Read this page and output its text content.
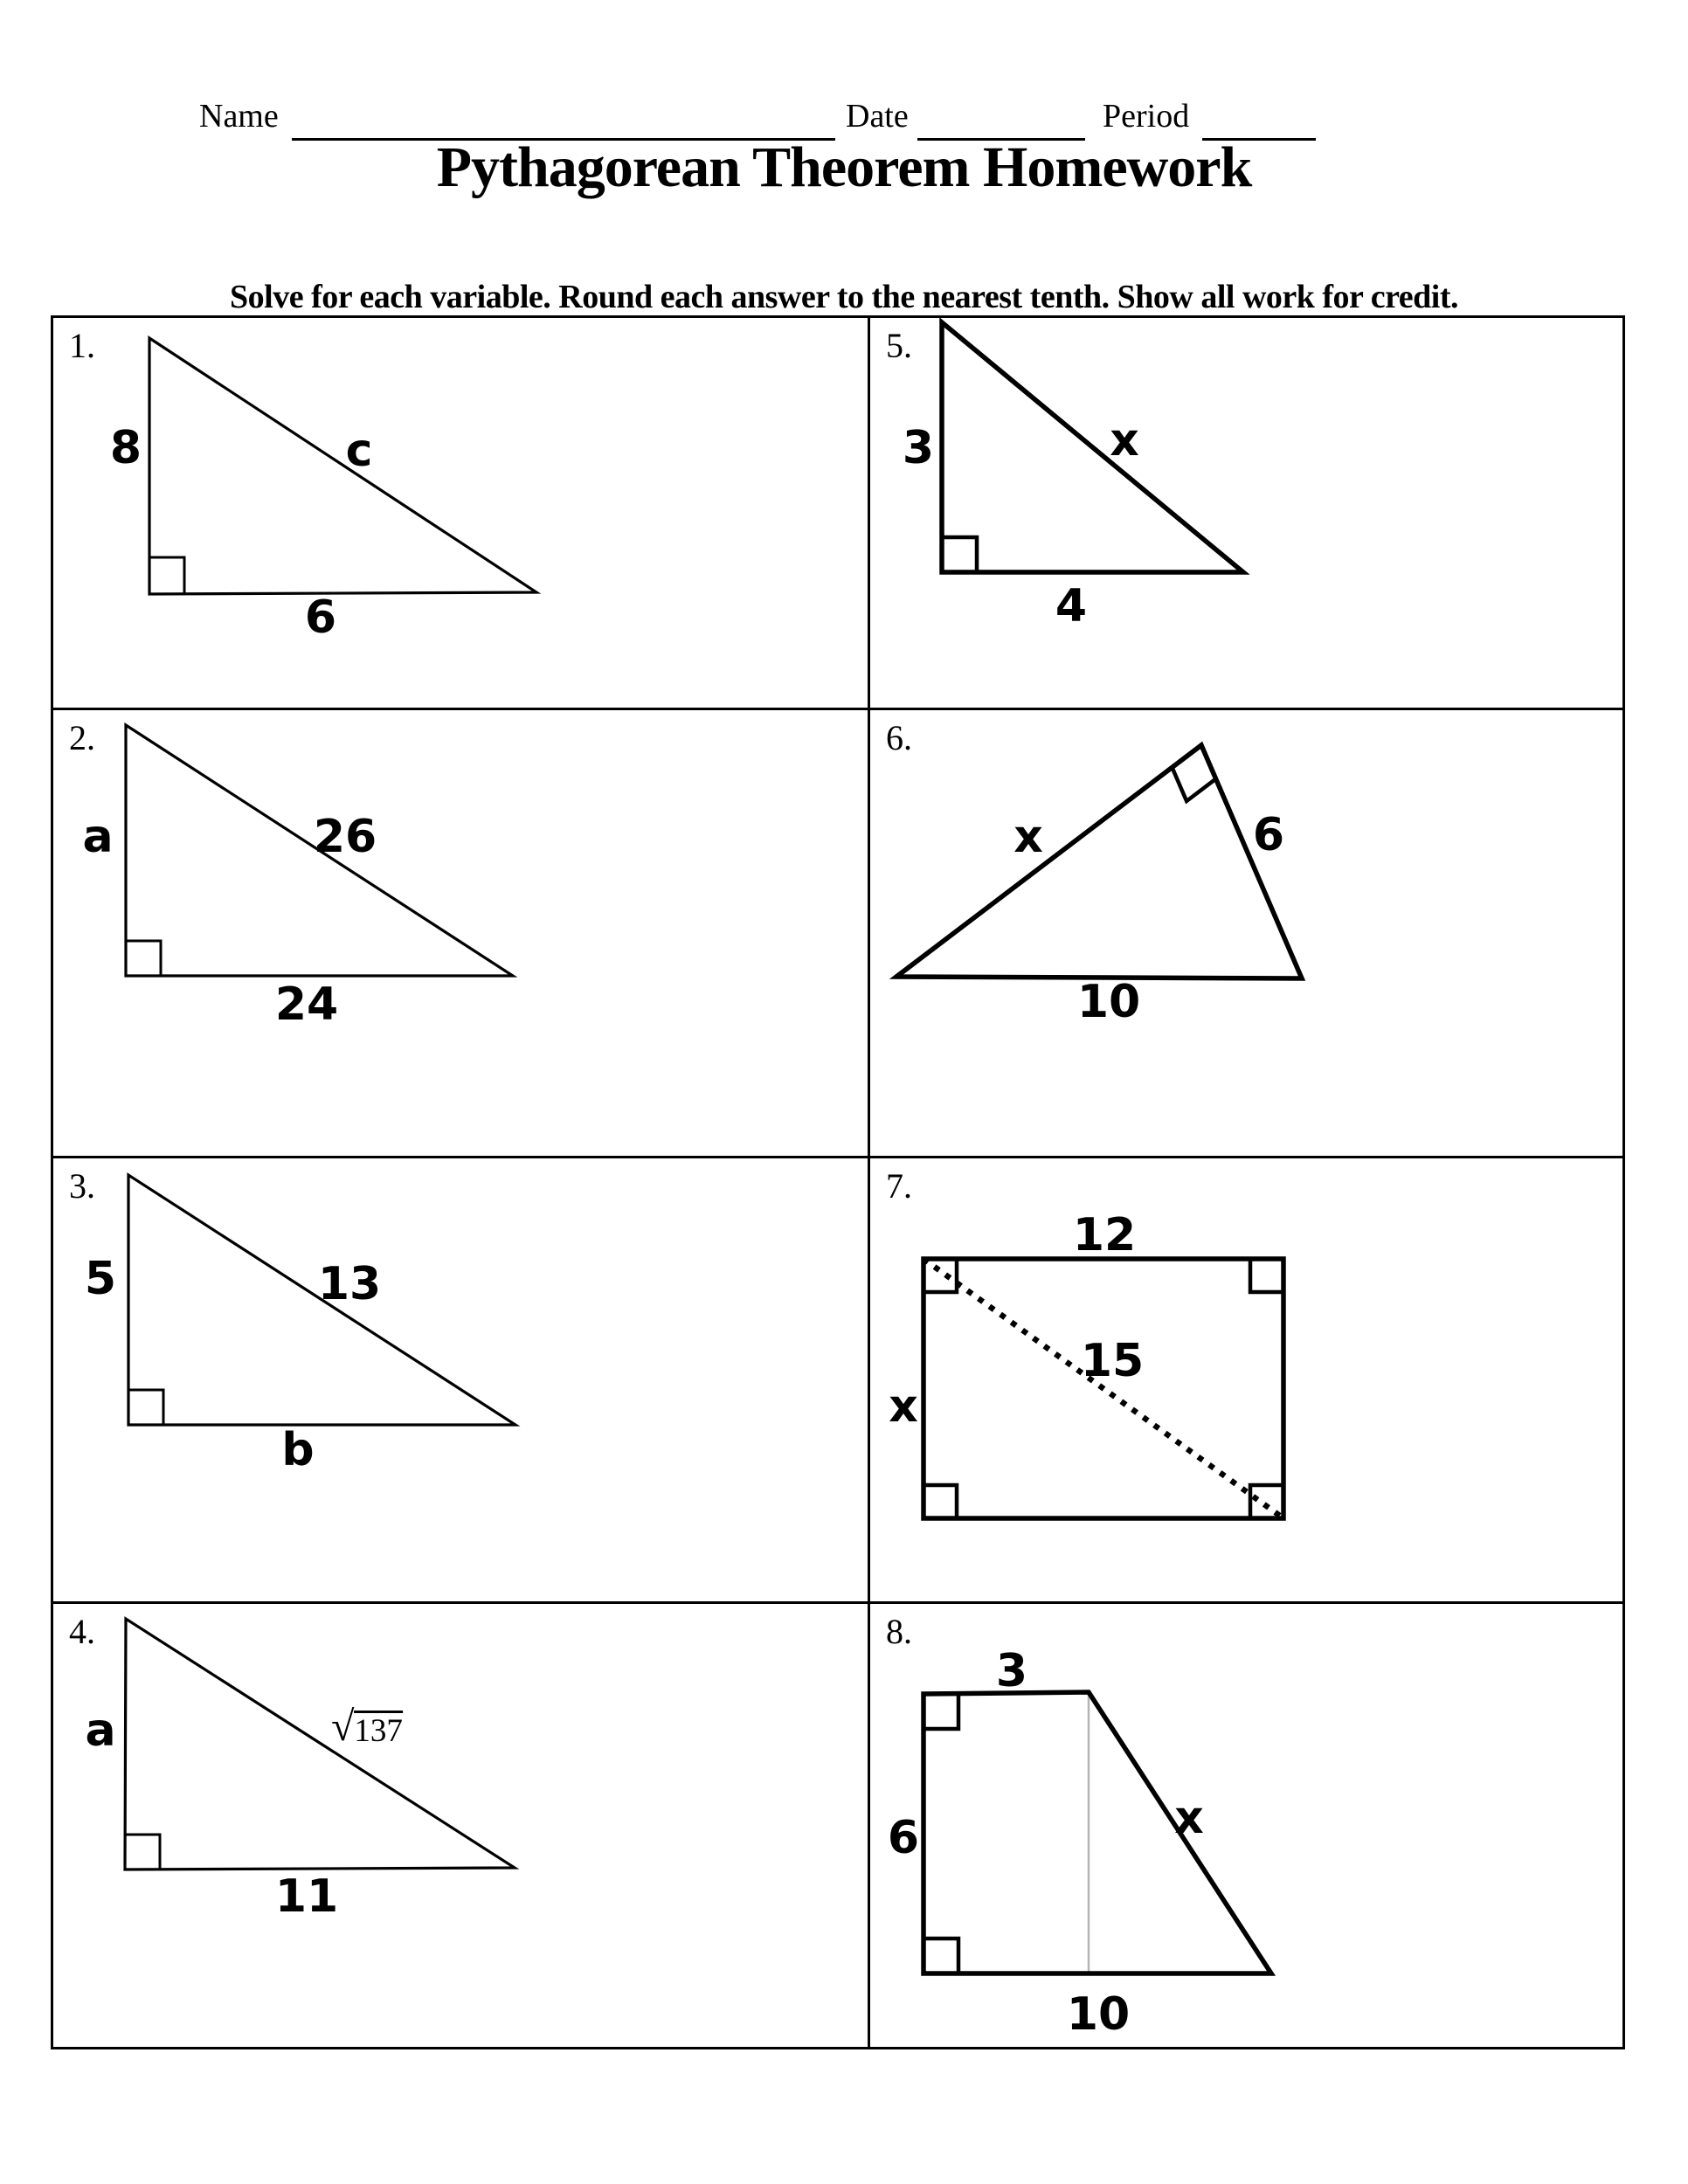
Name	Date	Period
Pythagorean Theorem Homework
Solve for each variable. Round each answer to the nearest tenth. Show all work for credit.
1.
8	c
6
5.
3	x
4
2.
a	26
24
6.
x	6
10
3.
5	13
b
7.
12
x
15
4.
a	√ 137
11
8.
3
6	x
10
